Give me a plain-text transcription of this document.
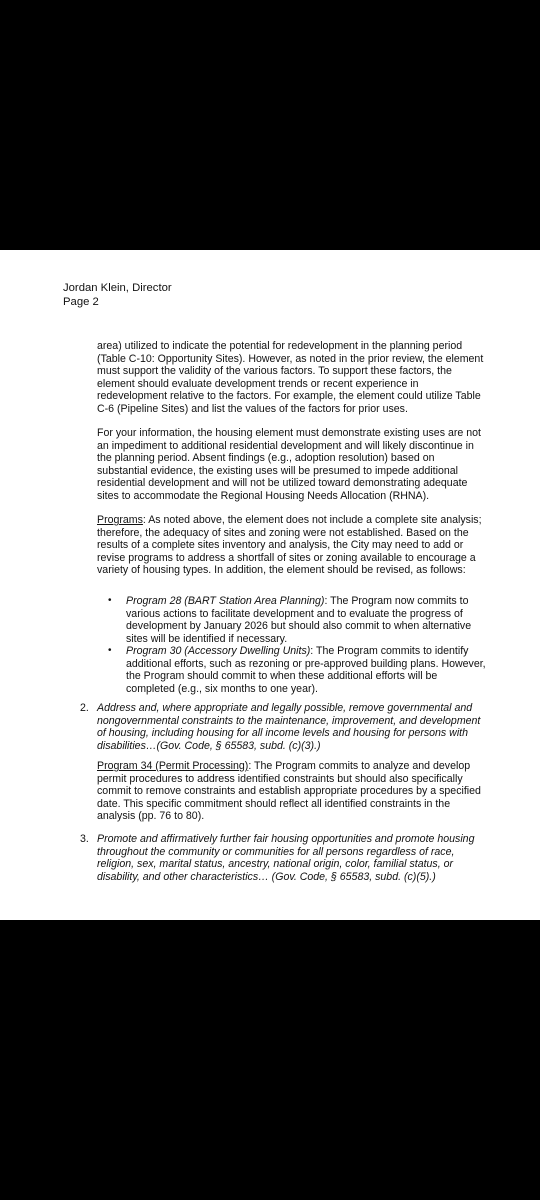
Jordan Klein, Director
Page 2

area) utilized to indicate the potential for redevelopment in the planning period (Table C-10: Opportunity Sites). However, as noted in the prior review, the element must support the validity of the various factors. To support these factors, the element should evaluate development trends or recent experience in redevelopment relative to the factors. For example, the element could utilize Table C-6 (Pipeline Sites) and list the values of the factors for prior uses.

For your information, the housing element must demonstrate existing uses are not an impediment to additional residential development and will likely discontinue in the planning period. Absent findings (e.g., adoption resolution) based on substantial evidence, the existing uses will be presumed to impede additional residential development and will not be utilized toward demonstrating adequate sites to accommodate the Regional Housing Needs Allocation (RHNA).

Programs: As noted above, the element does not include a complete site analysis; therefore, the adequacy of sites and zoning were not established. Based on the results of a complete sites inventory and analysis, the City may need to add or revise programs to address a shortfall of sites or zoning available to encourage a variety of housing types. In addition, the element should be revised, as follows:

• Program 28 (BART Station Area Planning): The Program now commits to various actions to facilitate development and to evaluate the progress of development by January 2026 but should also commit to when alternative sites will be identified if necessary.

• Program 30 (Accessory Dwelling Units): The Program commits to identify additional efforts, such as rezoning or pre-approved building plans. However, the Program should commit to when these additional efforts will be completed (e.g., six months to one year).

2. Address and, where appropriate and legally possible, remove governmental and nongovernmental constraints to the maintenance, improvement, and development of housing, including housing for all income levels and housing for persons with disabilities…(Gov. Code, § 65583, subd. (c)(3).)

Program 34 (Permit Processing): The Program commits to analyze and develop permit procedures to address identified constraints but should also specifically commit to remove constraints and establish appropriate procedures by a specified date. This specific commitment should reflect all identified constraints in the analysis (pp. 76 to 80).

3. Promote and affirmatively further fair housing opportunities and promote housing throughout the community or communities for all persons regardless of race, religion, sex, marital status, ancestry, national origin, color, familial status, or disability, and other characteristics… (Gov. Code, § 65583, subd. (c)(5).)
